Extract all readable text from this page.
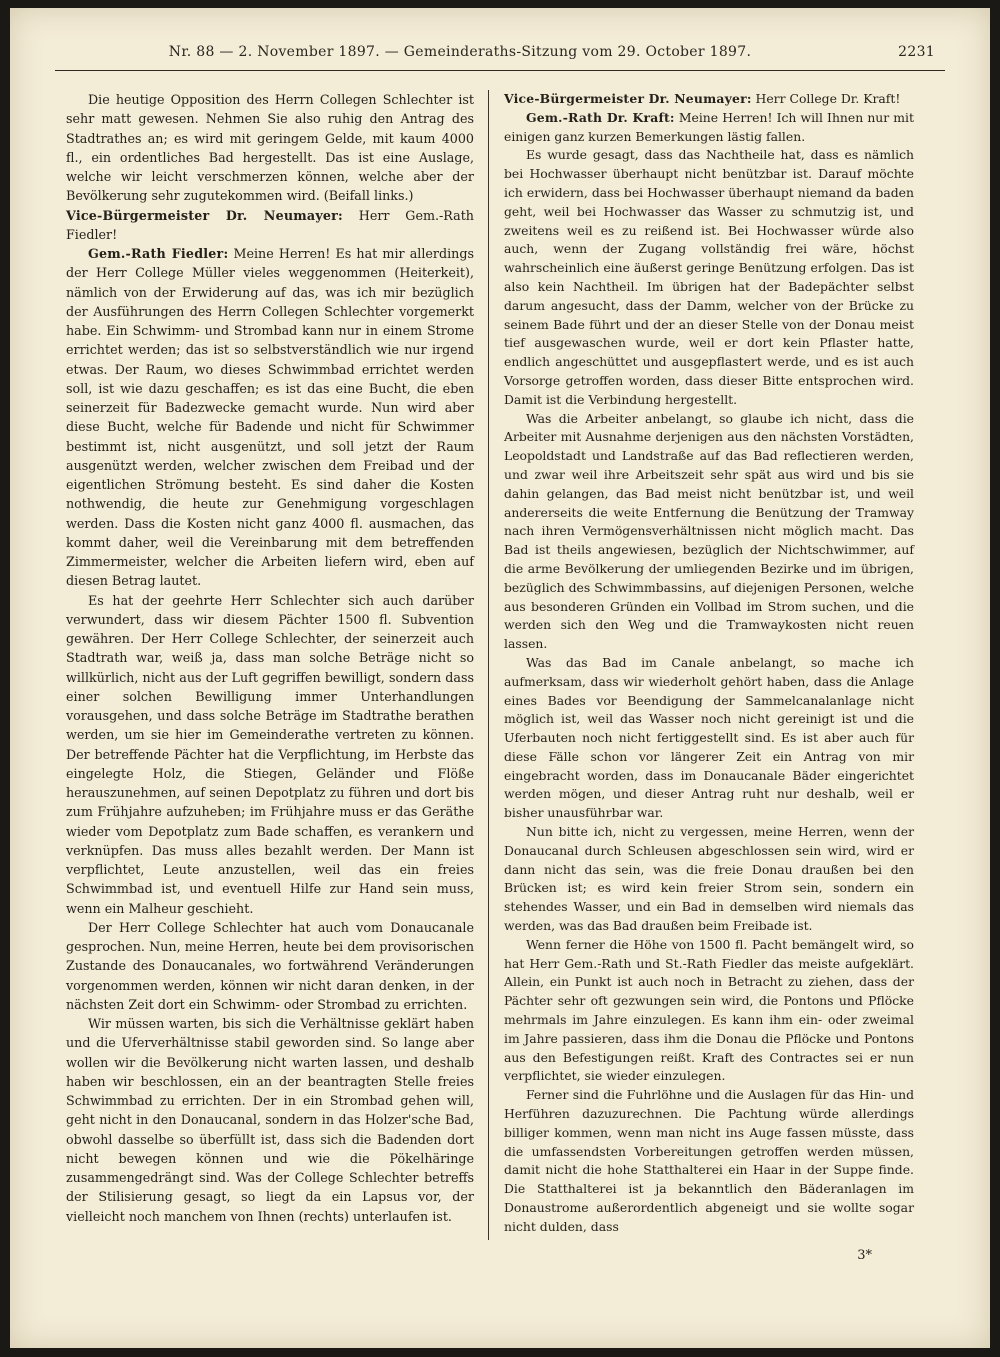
Nr. 88 — 2. November 1897. — Gemeinderaths-Sitzung vom 29. October 1897.	2231

Die heutige Opposition des Herrn Collegen Schlechter ist sehr matt gewesen. Nehmen Sie also ruhig den Antrag des Stadtrathes an; es wird mit geringem Gelde, mit kaum 4000 fl., ein ordentliches Bad hergestellt. Das ist eine Auslage, welche wir leicht verschmerzen können, welche aber der Bevölkerung sehr zugutekommen wird. (Beifall links.)

Vice-Bürgermeister Dr. Neumayer: Herr Gem.-Rath Fiedler!

Gem.-Rath Fiedler: Meine Herren! Es hat mir allerdings der Herr College Müller vieles weggenommen (Heiterkeit), nämlich von der Erwiderung auf das, was ich mir bezüglich der Ausführungen des Herrn Collegen Schlechter vorgemerkt habe. Ein Schwimm- und Strombad kann nur in einem Strome errichtet werden; das ist so selbstverständlich wie nur irgend etwas. Der Raum, wo dieses Schwimmbad errichtet werden soll, ist wie dazu geschaffen; es ist das eine Bucht, die eben seinerzeit für Badezwecke gemacht wurde. Nun wird aber diese Bucht, welche für Badende und nicht für Schwimmer bestimmt ist, nicht ausgenützt, und soll jetzt der Raum ausgenützt werden, welcher zwischen dem Freibad und der eigentlichen Strömung besteht. Es sind daher die Kosten nothwendig, die heute zur Genehmigung vorgeschlagen werden. Dass die Kosten nicht ganz 4000 fl. ausmachen, das kommt daher, weil die Vereinbarung mit dem betreffenden Zimmermeister, welcher die Arbeiten liefern wird, eben auf diesen Betrag lautet.

Es hat der geehrte Herr Schlechter sich auch darüber verwundert, dass wir diesem Pächter 1500 fl. Subvention gewähren. Der Herr College Schlechter, der seinerzeit auch Stadtrath war, weiß ja, dass man solche Beträge nicht so willkürlich, nicht aus der Luft gegriffen bewilligt, sondern dass einer solchen Bewilligung immer Unterhandlungen vorausgehen, und dass solche Beträge im Stadtrathe berathen werden, um sie hier im Gemeinderathe vertreten zu können. Der betreffende Pächter hat die Verpflichtung, im Herbste das eingelegte Holz, die Stiegen, Geländer und Flöße herauszunehmen, auf seinen Depotplatz zu führen und dort bis zum Frühjahre aufzuheben; im Frühjahre muss er das Geräthe wieder vom Depotplatz zum Bade schaffen, es verankern und verknüpfen. Das muss alles bezahlt werden. Der Mann ist verpflichtet, Leute anzustellen, weil das ein freies Schwimmbad ist, und eventuell Hilfe zur Hand sein muss, wenn ein Malheur geschieht.

Der Herr College Schlechter hat auch vom Donaucanale gesprochen. Nun, meine Herren, heute bei dem provisorischen Zustande des Donaucanales, wo fortwährend Veränderungen vorgenommen werden, können wir nicht daran denken, in der nächsten Zeit dort ein Schwimm- oder Strombad zu errichten.

Wir müssen warten, bis sich die Verhältnisse geklärt haben und die Uferverhältnisse stabil geworden sind. So lange aber wollen wir die Bevölkerung nicht warten lassen, und deshalb haben wir beschlossen, ein an der beantragten Stelle freies Schwimmbad zu errichten. Der in ein Strombad gehen will, geht nicht in den Donaucanal, sondern in das Holzer'sche Bad, obwohl dasselbe so überfüllt ist, dass sich die Badenden dort nicht bewegen können und wie die Pökelhäringe zusammengedrängt sind. Was der College Schlechter betreffs der Stilisierung gesagt, so liegt da ein Lapsus vor, der vielleicht noch manchem von Ihnen (rechts) unterlaufen ist.

Vice-Bürgermeister Dr. Neumayer: Herr College Dr. Kraft!

Gem.-Rath Dr. Kraft: Meine Herren! Ich will Ihnen nur mit einigen ganz kurzen Bemerkungen lästig fallen.

Es wurde gesagt, dass das Nachtheile hat, dass es nämlich bei Hochwasser überhaupt nicht benützbar ist. Darauf möchte ich erwidern, dass bei Hochwasser überhaupt niemand da baden geht, weil bei Hochwasser das Wasser zu schmutzig ist, und zweitens weil es zu reißend ist. Bei Hochwasser würde also auch, wenn der Zugang vollständig frei wäre, höchst wahrscheinlich eine äußerst geringe Benützung erfolgen. Das ist also kein Nachtheil. Im übrigen hat der Badepächter selbst darum angesucht, dass der Damm, welcher von der Brücke zu seinem Bade führt und der an dieser Stelle von der Donau meist tief ausgewaschen wurde, weil er dort kein Pflaster hatte, endlich angeschüttet und ausgepflastert werde, und es ist auch Vorsorge getroffen worden, dass dieser Bitte entsprochen wird. Damit ist die Verbindung hergestellt.

Was die Arbeiter anbelangt, so glaube ich nicht, dass die Arbeiter mit Ausnahme derjenigen aus den nächsten Vorstädten, Leopoldstadt und Landstraße auf das Bad reflectieren werden, und zwar weil ihre Arbeitszeit sehr spät aus wird und bis sie dahin gelangen, das Bad meist nicht benützbar ist, und weil andererseits die weite Entfernung die Benützung der Tramway nach ihren Vermögensverhältnissen nicht möglich macht. Das Bad ist theils angewiesen, bezüglich der Nichtschwimmer, auf die arme Bevölkerung der umliegenden Bezirke und im übrigen, bezüglich des Schwimmbassins, auf diejenigen Personen, welche aus besonderen Gründen ein Vollbad im Strom suchen, und die werden sich den Weg und die Tramwaykosten nicht reuen lassen.

Was das Bad im Canale anbelangt, so mache ich aufmerksam, dass wir wiederholt gehört haben, dass die Anlage eines Bades vor Beendigung der Sammelcanalanlage nicht möglich ist, weil das Wasser noch nicht gereinigt ist und die Uferbauten noch nicht fertiggestellt sind. Es ist aber auch für diese Fälle schon vor längerer Zeit ein Antrag von mir eingebracht worden, dass im Donaucanale Bäder eingerichtet werden mögen, und dieser Antrag ruht nur deshalb, weil er bisher unausführbar war.

Nun bitte ich, nicht zu vergessen, meine Herren, wenn der Donaucanal durch Schleusen abgeschlossen sein wird, wird er dann nicht das sein, was die freie Donau draußen bei den Brücken ist; es wird kein freier Strom sein, sondern ein stehendes Wasser, und ein Bad in demselben wird niemals das werden, was das Bad draußen beim Freibade ist.

Wenn ferner die Höhe von 1500 fl. Pacht bemängelt wird, so hat Herr Gem.-Rath und St.-Rath Fiedler das meiste aufgeklärt. Allein, ein Punkt ist auch noch in Betracht zu ziehen, dass der Pächter sehr oft gezwungen sein wird, die Pontons und Pflöcke mehrmals im Jahre einzulegen. Es kann ihm ein- oder zweimal im Jahre passieren, dass ihm die Donau die Pflöcke und Pontons aus den Befestigungen reißt. Kraft des Contractes sei er nun verpflichtet, sie wieder einzulegen.

Ferner sind die Fuhrlöhne und die Auslagen für das Hin- und Herführen dazuzurechnen. Die Pachtung würde allerdings billiger kommen, wenn man nicht ins Auge fassen müsste, dass die umfassendsten Vorbereitungen getroffen werden müssen, damit nicht die hohe Statthalterei ein Haar in der Suppe finde. Die Statthalterei ist ja bekanntlich den Bäderanlagen im Donaustrome außerordentlich abgeneigt und sie wollte sogar nicht dulden, dass

3*
